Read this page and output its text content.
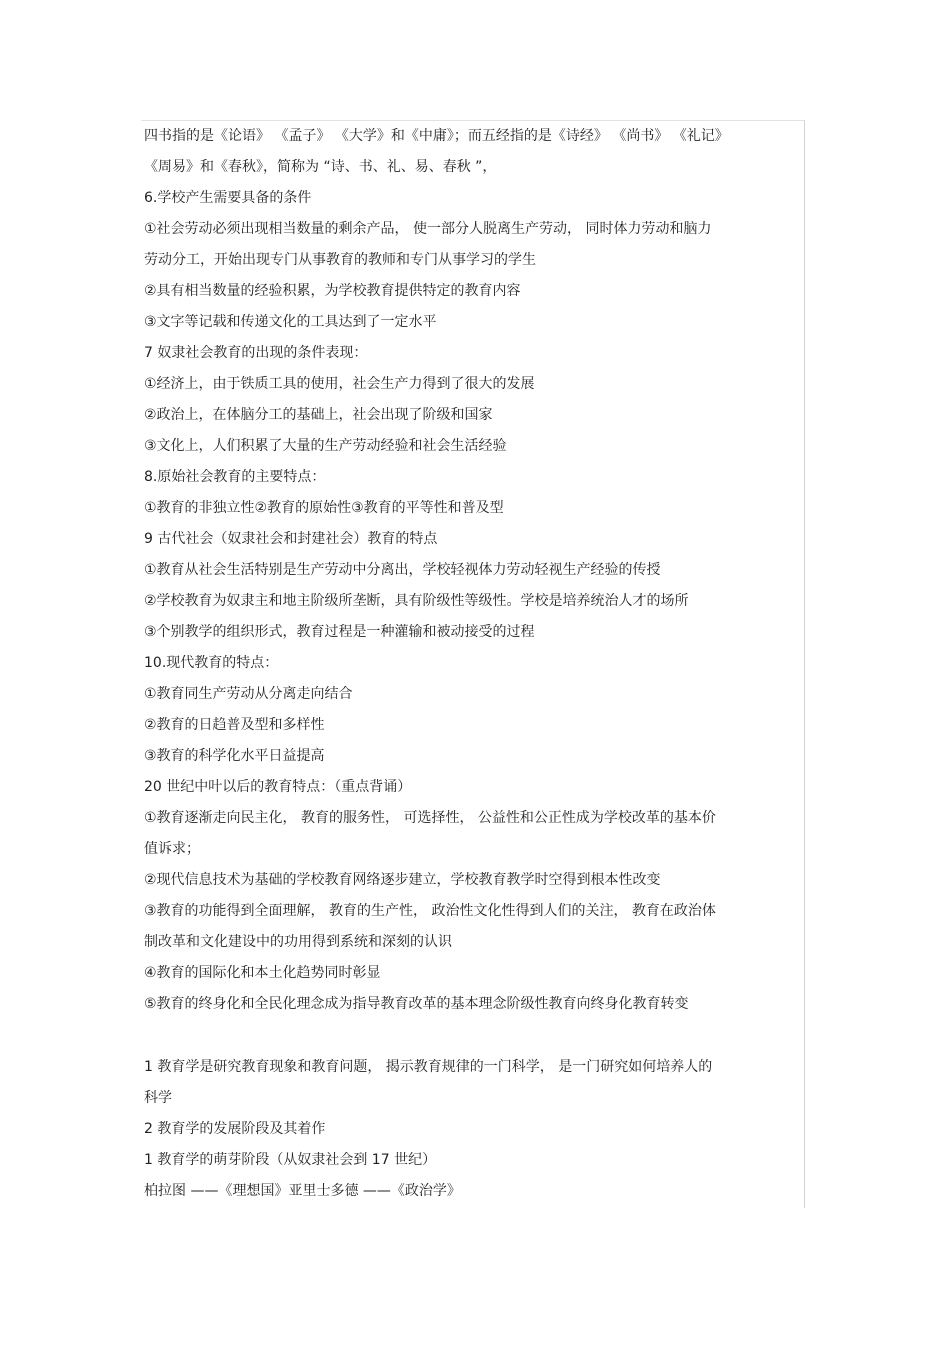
四书指的是《论语》 《孟子》 《大学》和《中庸》；而五经指的是《诗经》 《尚书》 《礼记》
《周易》和《春秋》，简称为 “诗、书、礼、易、春秋 ”，
6.学校产生需要具备的条件
①社会劳动必须出现相当数量的剩余产品， 使一部分人脱离生产劳动， 同时体力劳动和脑力
劳动分工，开始出现专门从事教育的教师和专门从事学习的学生
②具有相当数量的经验积累，为学校教育提供特定的教育内容
③文字等记载和传递文化的工具达到了一定水平
7 奴隶社会教育的出现的条件表现：
①经济上，由于铁质工具的使用，社会生产力得到了很大的发展
②政治上，在体脑分工的基础上，社会出现了阶级和国家
③文化上，人们积累了大量的生产劳动经验和社会生活经验
8.原始社会教育的主要特点：
①教育的非独立性②教育的原始性③教育的平等性和普及型
9 古代社会（奴隶社会和封建社会）教育的特点
①教育从社会生活特别是生产劳动中分离出，学校轻视体力劳动轻视生产经验的传授
②学校教育为奴隶主和地主阶级所垄断，具有阶级性等级性。学校是培养统治人才的场所
③个别教学的组织形式，教育过程是一种灌输和被动接受的过程
10.现代教育的特点：
①教育同生产劳动从分离走向结合
②教育的日趋普及型和多样性
③教育的科学化水平日益提高
20 世纪中叶以后的教育特点：（重点背诵）
①教育逐渐走向民主化， 教育的服务性， 可选择性， 公益性和公正性成为学校改革的基本价
值诉求；
②现代信息技术为基础的学校教育网络逐步建立，学校教育教学时空得到根本性改变
③教育的功能得到全面理解， 教育的生产性， 政治性文化性得到人们的关注， 教育在政治体
制改革和文化建设中的功用得到系统和深刻的认识
④教育的国际化和本土化趋势同时彰显
⑤教育的终身化和全民化理念成为指导教育改革的基本理念阶级性教育向终身化教育转变
1 教育学是研究教育现象和教育问题， 揭示教育规律的一门科学， 是一门研究如何培养人的
科学
2 教育学的发展阶段及其着作
1 教育学的萌芽阶段（从奴隶社会到 17 世纪）
柏拉图 ——《理想国》亚里士多德 ——《政治学》
